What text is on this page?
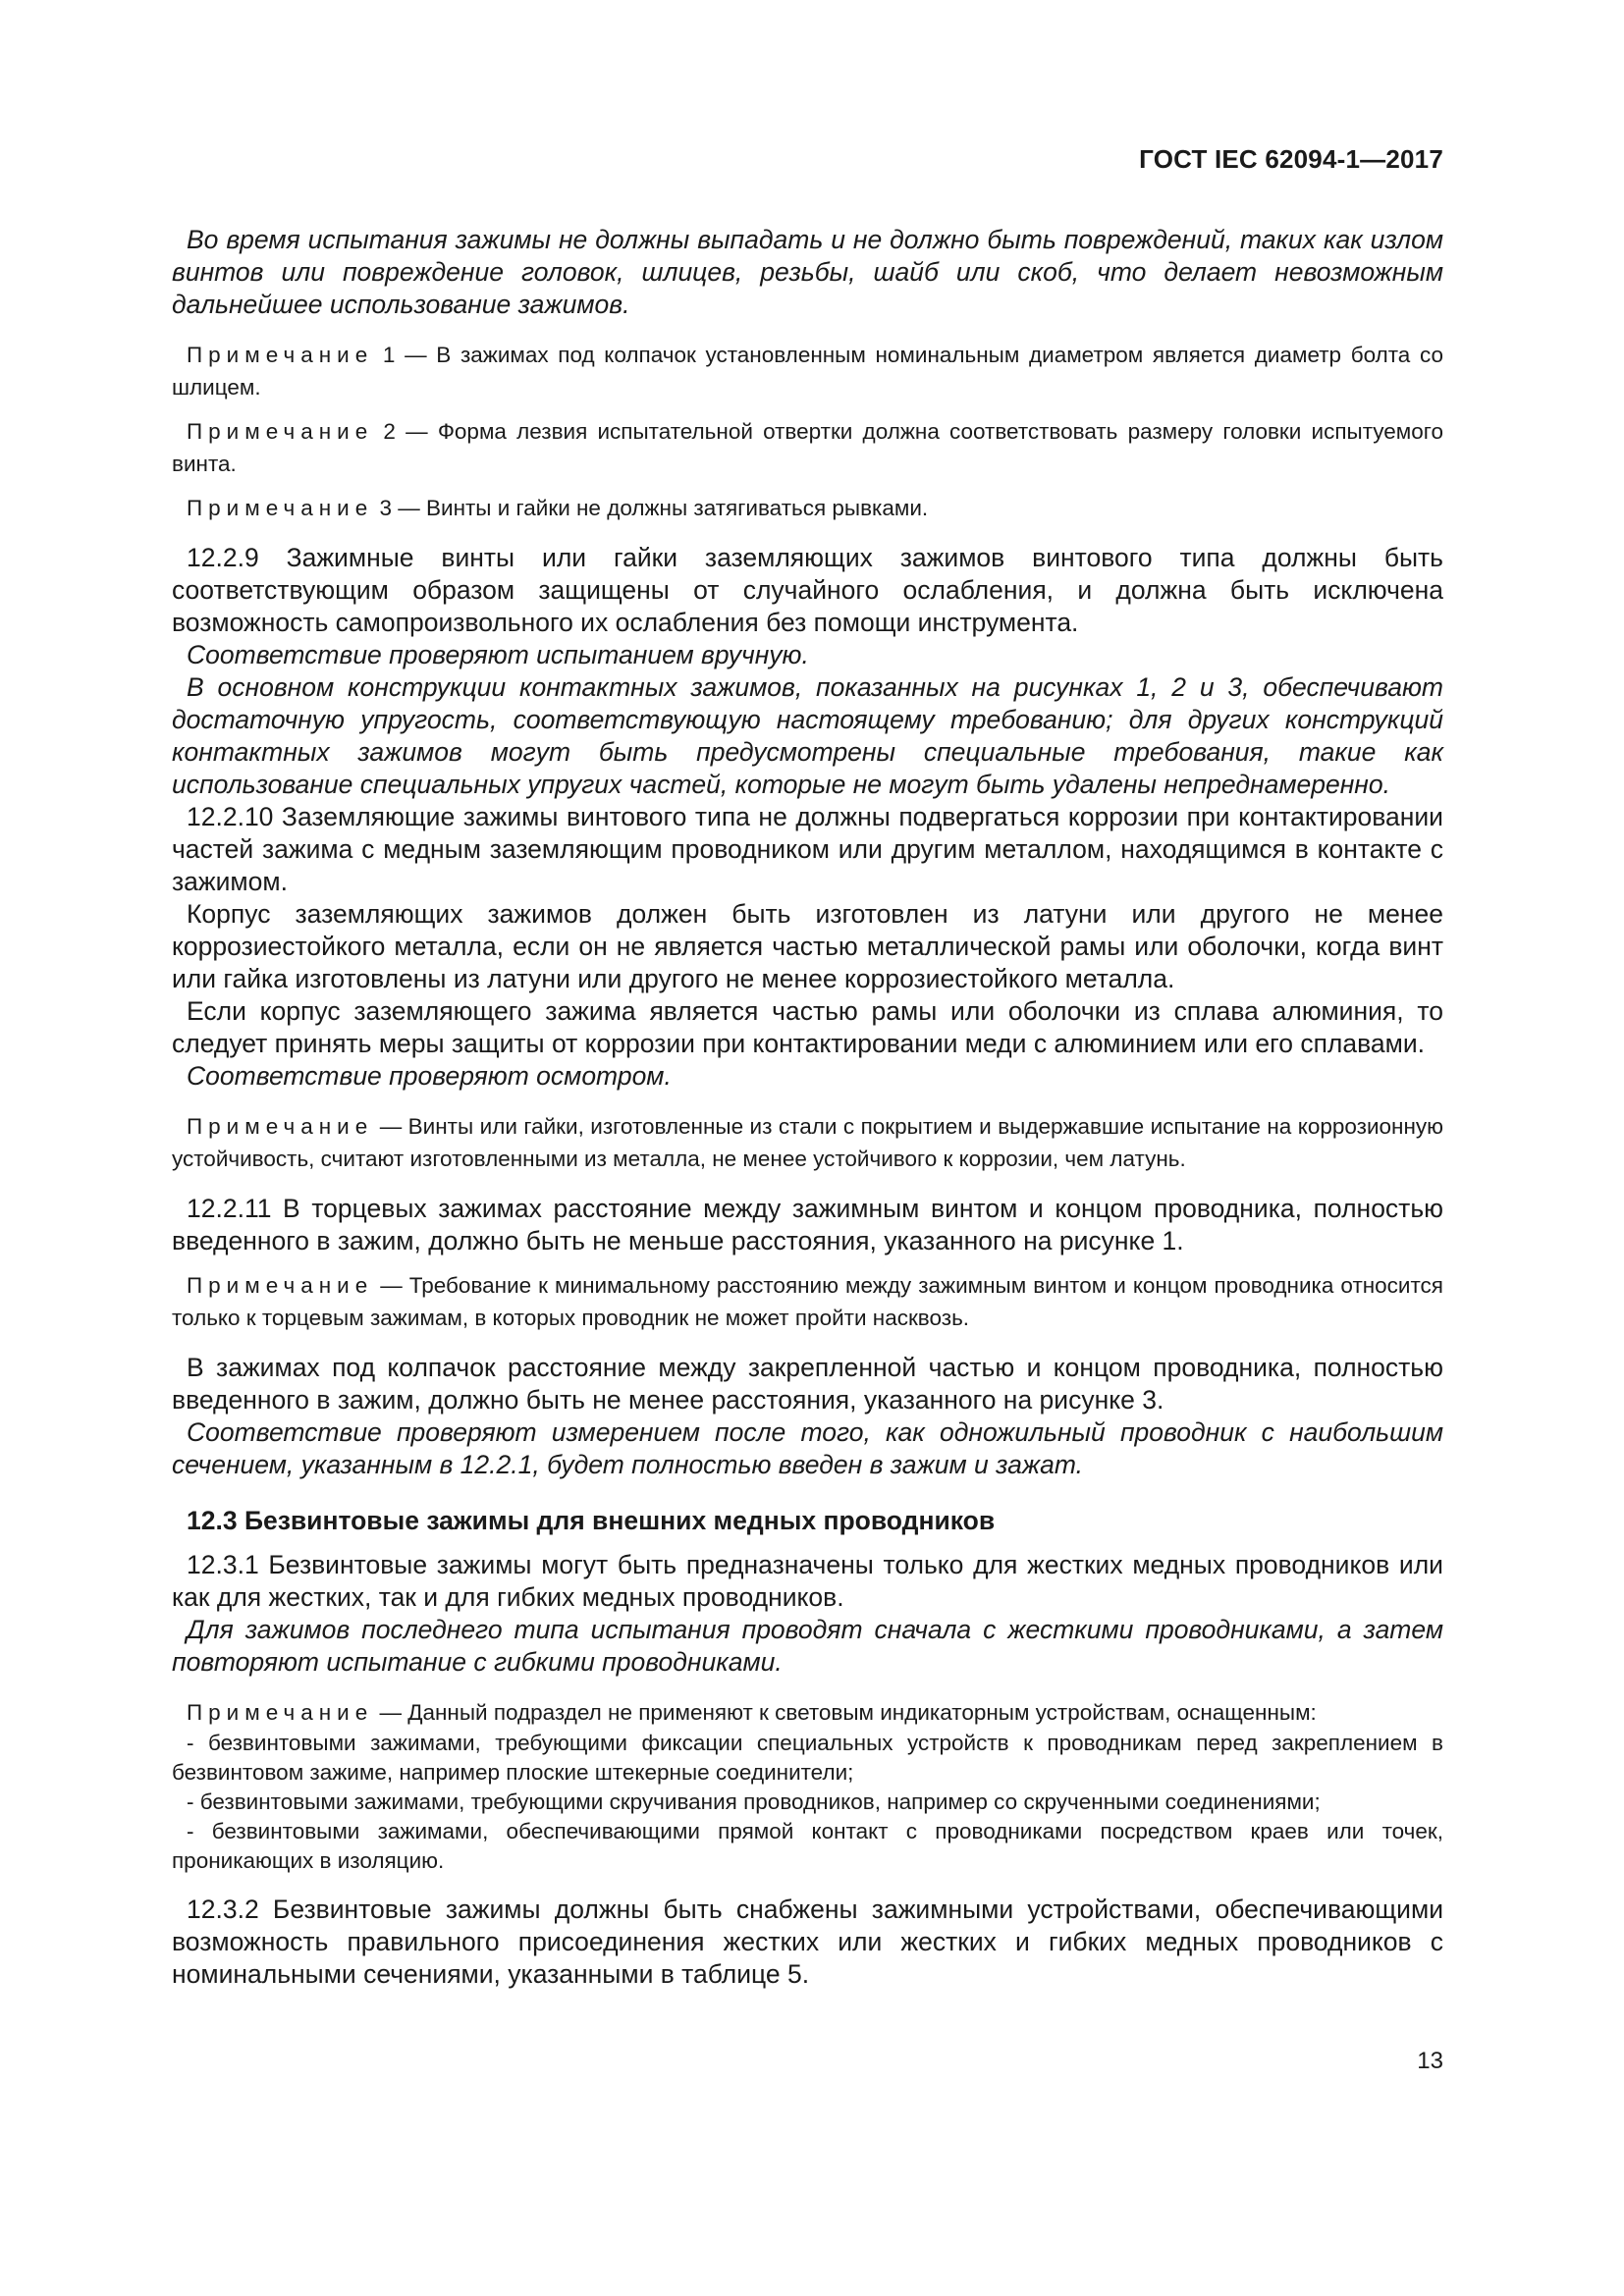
ГОСТ IEC 62094-1—2017

Во время испытания зажимы не должны выпадать и не должно быть повреждений, таких как излом винтов или повреждение головок, шлицев, резьбы, шайб или скоб, что делает невозможным дальнейшее использование зажимов.

Примечание 1 — В зажимах под колпачок установленным номинальным диаметром является диаметр болта со шлицем.

Примечание 2 — Форма лезвия испытательной отвертки должна соответствовать размеру головки испытуемого винта.

Примечание 3 — Винты и гайки не должны затягиваться рывками.

12.2.9 Зажимные винты или гайки заземляющих зажимов винтового типа должны быть соответствующим образом защищены от случайного ослабления, и должна быть исключена возможность самопроизвольного их ослабления без помощи инструмента.

Соответствие проверяют испытанием вручную.

В основном конструкции контактных зажимов, показанных на рисунках 1, 2 и 3, обеспечивают достаточную упругость, соответствующую настоящему требованию; для других конструкций контактных зажимов могут быть предусмотрены специальные требования, такие как использование специальных упругих частей, которые не могут быть удалены непреднамеренно.

12.2.10 Заземляющие зажимы винтового типа не должны подвергаться коррозии при контактировании частей зажима с медным заземляющим проводником или другим металлом, находящимся в контакте с зажимом.

Корпус заземляющих зажимов должен быть изготовлен из латуни или другого не менее коррозиестойкого металла, если он не является частью металлической рамы или оболочки, когда винт или гайка изготовлены из латуни или другого не менее коррозиестойкого металла.

Если корпус заземляющего зажима является частью рамы или оболочки из сплава алюминия, то следует принять меры защиты от коррозии при контактировании меди с алюминием или его сплавами.

Соответствие проверяют осмотром.

Примечание — Винты или гайки, изготовленные из стали с покрытием и выдержавшие испытание на коррозионную устойчивость, считают изготовленными из металла, не менее устойчивого к коррозии, чем латунь.

12.2.11 В торцевых зажимах расстояние между зажимным винтом и концом проводника, полностью введенного в зажим, должно быть не меньше расстояния, указанного на рисунке 1.

Примечание — Требование к минимальному расстоянию между зажимным винтом и концом проводника относится только к торцевым зажимам, в которых проводник не может пройти насквозь.

В зажимах под колпачок расстояние между закрепленной частью и концом проводника, полностью введенного в зажим, должно быть не менее расстояния, указанного на рисунке 3.

Соответствие проверяют измерением после того, как одножильный проводник с наибольшим сечением, указанным в 12.2.1, будет полностью введен в зажим и зажат.

12.3 Безвинтовые зажимы для внешних медных проводников

12.3.1 Безвинтовые зажимы могут быть предназначены только для жестких медных проводников или как для жестких, так и для гибких медных проводников.

Для зажимов последнего типа испытания проводят сначала с жесткими проводниками, а затем повторяют испытание с гибкими проводниками.

Примечание — Данный подраздел не применяют к световым индикаторным устройствам, оснащенным:

- безвинтовыми зажимами, требующими фиксации специальных устройств к проводникам перед закреплением в безвинтовом зажиме, например плоские штекерные соединители;

- безвинтовыми зажимами, требующими скручивания проводников, например со скрученными соединениями;

- безвинтовыми зажимами, обеспечивающими прямой контакт с проводниками посредством краев или точек, проникающих в изоляцию.

12.3.2 Безвинтовые зажимы должны быть снабжены зажимными устройствами, обеспечивающими возможность правильного присоединения жестких или жестких и гибких медных проводников с номинальными сечениями, указанными в таблице 5.

13
